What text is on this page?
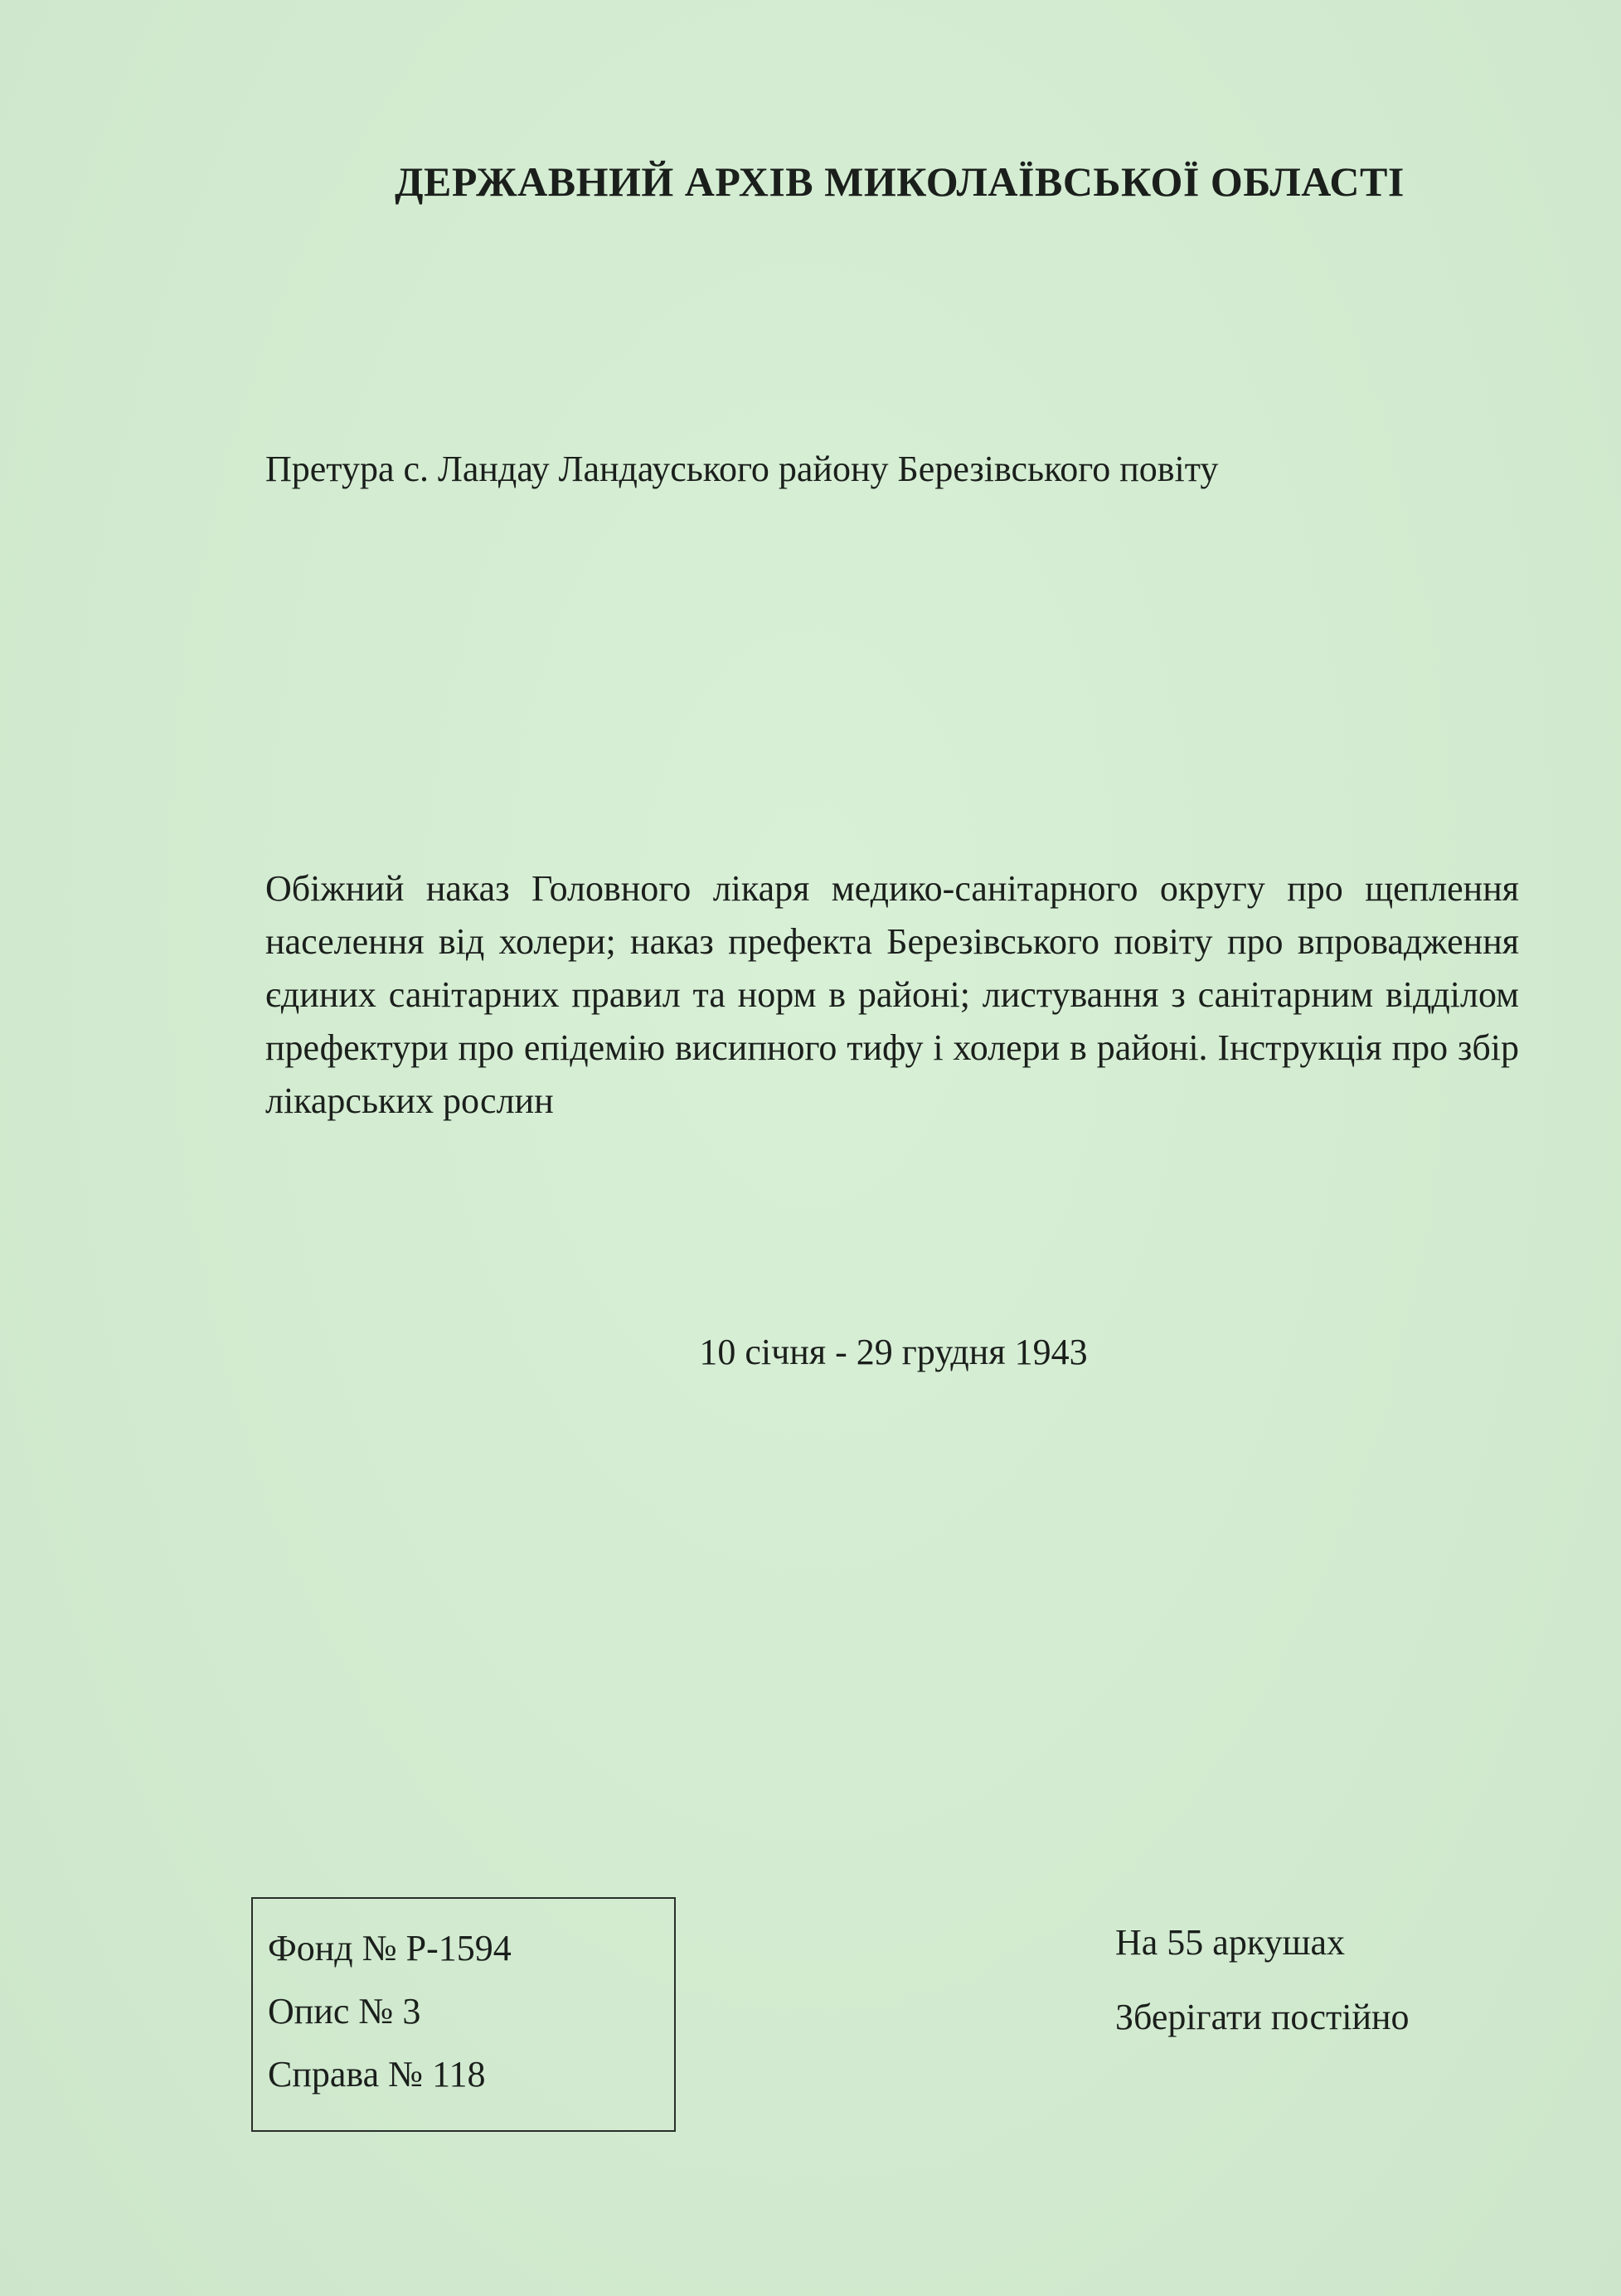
ДЕРЖАВНИЙ АРХІВ МИКОЛАЇВСЬКОЇ ОБЛАСТІ
Претура с. Ландау Ландауського району Березівського повіту
Обіжний наказ Головного лікаря медико-санітарного округу про щеплення населення від холери; наказ префекта Березівського повіту про впровадження єдиних санітарних правил та норм в районі; листування з санітарним відділом префектури про епідемію висипного тифу і холери в районі. Інструкція про збір лікарських рослин
10 січня - 29 грудня 1943
Фонд № Р-1594
Опис № 3
Справа № 118
На 55 аркушах
Зберігати постійно
